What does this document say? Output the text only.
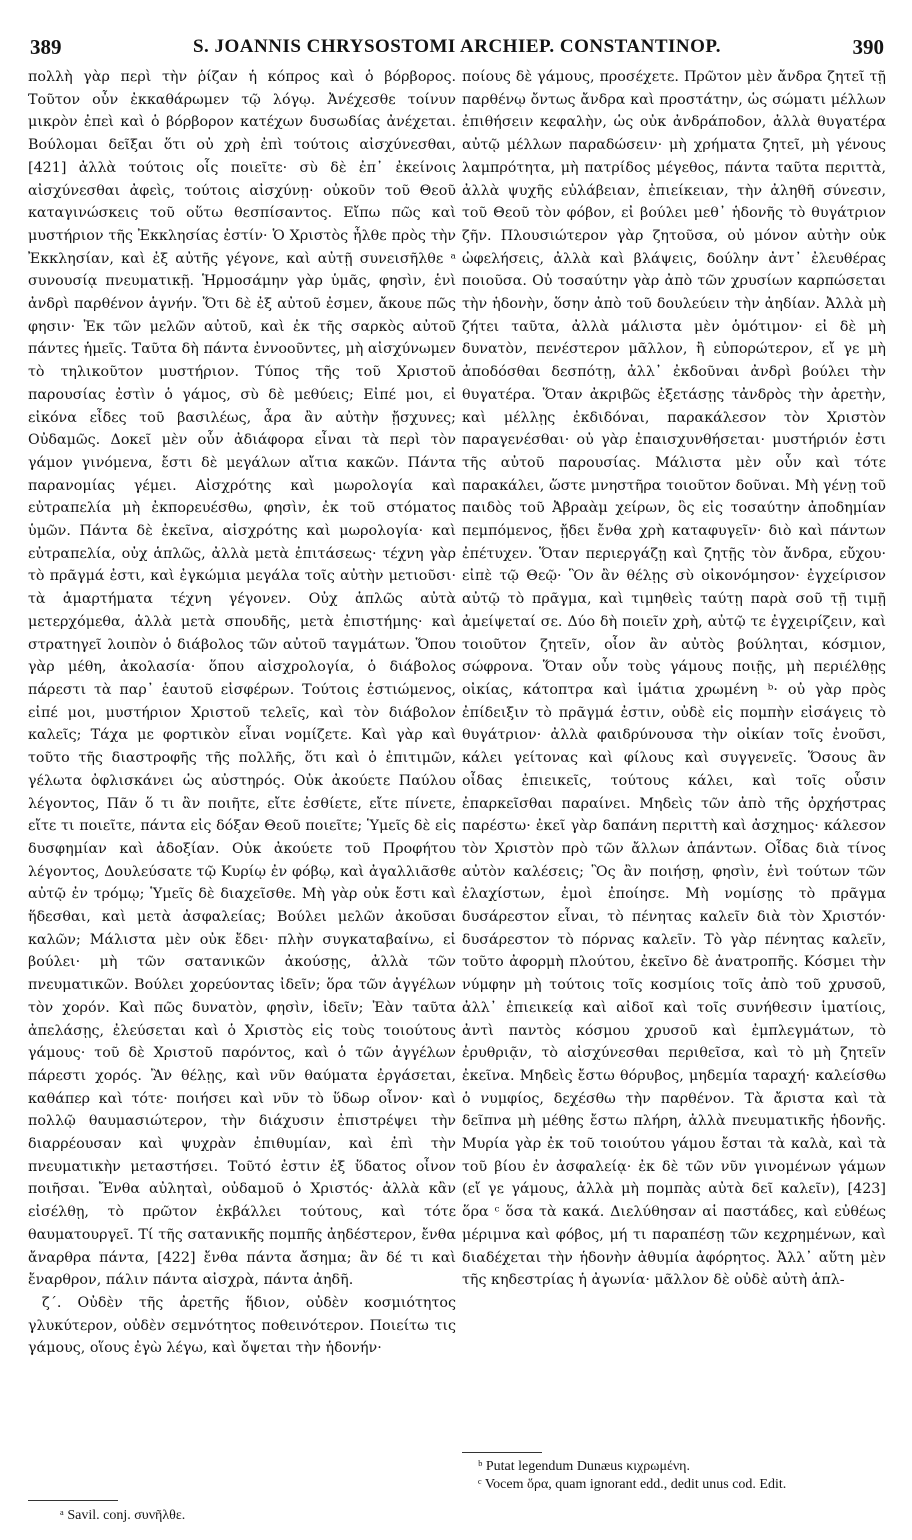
389	S. JOANNIS CHRYSOSTOMI ARCHIEP. CONSTANTINOP.	390

πολλὴ γὰρ περὶ τὴν ῥίζαν ἡ κόπρος καὶ ὁ βόρβορος. Τοῦτον οὖν ἐκκαθάρωμεν τῷ λόγῳ. Ἀνέχεσθε τοίνυν μικρὸν ἐπεὶ καὶ ὁ βόρβορον κατέχων δυσωδίας ἀνέχεται. Βούλομαι δεῖξαι ὅτι οὐ χρὴ ἐπὶ τούτοις αἰσχύνεσθαι, [421] ἀλλὰ τούτοις οἷς ποιεῖτε· σὺ δὲ ἐπ᾽ ἐκείνοις αἰσχύνεσθαι ἀφεὶς, τούτοις αἰσχύνῃ· οὐκοῦν τοῦ Θεοῦ καταγινώσκεις τοῦ οὕτω θεσπίσαντος. Εἴπω πῶς καὶ μυστήριον τῆς Ἐκκλησίας ἐστίν· Ὁ Χριστὸς ἦλθε πρὸς τὴν Ἐκκλησίαν, καὶ ἐξ αὐτῆς γέγονε, καὶ αὐτῇ συνεισῆλθε ᵃ συνουσίᾳ πνευματικῇ. Ἡρμοσάμην γὰρ ὑμᾶς, φησὶν, ἑνὶ ἀνδρὶ παρθένον ἁγνήν. Ὅτι δὲ ἐξ αὐτοῦ ἐσμεν, ἄκουε πῶς φησιν· Ἐκ τῶν μελῶν αὐτοῦ, καὶ ἐκ τῆς σαρκὸς αὐτοῦ πάντες ἡμεῖς. Ταῦτα δὴ πάντα ἐννοοῦντες, μὴ αἰσχύνωμεν τὸ τηλικοῦτον μυστήριον. Τύπος τῆς τοῦ Χριστοῦ παρουσίας ἐστὶν ὁ γάμος, σὺ δὲ μεθύεις; Εἰπέ μοι, εἰ εἰκόνα εἶδες τοῦ βασιλέως, ἆρα ἂν αὐτὴν ᾔσχυνες; Οὐδαμῶς. Δοκεῖ μὲν οὖν ἀδιάφορα εἶναι τὰ περὶ τὸν γάμον γινόμενα, ἔστι δὲ μεγάλων αἴτια κακῶν. Πάντα παρανομίας γέμει. Αἰσχρότης καὶ μωρολογία καὶ εὐτραπελία μὴ ἐκπορευέσθω, φησὶν, ἐκ τοῦ στόματος ὑμῶν. Πάντα δὲ ἐκεῖνα, αἰσχρότης καὶ μωρολογία· καὶ εὐτραπελία, οὐχ ἁπλῶς, ἀλλὰ μετὰ ἐπιτάσεως· τέχνη γὰρ τὸ πρᾶγμά ἐστι, καὶ ἐγκώμια μεγάλα τοῖς αὐτὴν μετιοῦσι· τὰ ἁμαρτήματα τέχνη γέγονεν. Οὐχ ἁπλῶς αὐτὰ μετερχόμεθα, ἀλλὰ μετὰ σπουδῆς, μετὰ ἐπιστήμης· καὶ στρατηγεῖ λοιπὸν ὁ διάβολος τῶν αὐτοῦ ταγμάτων. Ὅπου γὰρ μέθη, ἀκολασία· ὅπου αἰσχρολογία, ὁ διάβολος πάρεστι τὰ παρ᾽ ἑαυτοῦ εἰσφέρων. Τούτοις ἑστιώμενος, εἰπέ μοι, μυστήριον Χριστοῦ τελεῖς, καὶ τὸν διάβολον καλεῖς; Τάχα με φορτικὸν εἶναι νομίζετε. Καὶ γὰρ καὶ τοῦτο τῆς διαστροφῆς τῆς πολλῆς, ὅτι καὶ ὁ ἐπιτιμῶν, γέλωτα ὀφλισκάνει ὡς αὐστηρός. Οὐκ ἀκούετε Παύλου λέγοντος, Πᾶν ὅ τι ἂν ποιῆτε, εἴτε ἐσθίετε, εἴτε πίνετε, εἴτε τι ποιεῖτε, πάντα εἰς δόξαν Θεοῦ ποιεῖτε; Ὑμεῖς δὲ εἰς δυσφημίαν καὶ ἀδοξίαν. Οὐκ ἀκούετε τοῦ Προφήτου λέγοντος, Δουλεύσατε τῷ Κυρίῳ ἐν φόβῳ, καὶ ἀγαλλιᾶσθε αὐτῷ ἐν τρόμῳ; Ὑμεῖς δὲ διαχεῖσθε. Μὴ γὰρ οὐκ ἔστι καὶ ἥδεσθαι, καὶ μετὰ ἀσφαλείας; Βούλει μελῶν ἀκοῦσαι καλῶν; Μάλιστα μὲν οὐκ ἔδει· πλὴν συγκαταβαίνω, εἰ βούλει· μὴ τῶν σατανικῶν ἀκούσῃς, ἀλλὰ τῶν πνευματικῶν. Βούλει χορεύοντας ἰδεῖν; ὅρα τῶν ἀγγέλων τὸν χορόν. Καὶ πῶς δυνατὸν, φησὶν, ἰδεῖν; Ἐὰν ταῦτα ἀπελάσῃς, ἐλεύσεται καὶ ὁ Χριστὸς εἰς τοὺς τοιούτους γάμους· τοῦ δὲ Χριστοῦ παρόντος, καὶ ὁ τῶν ἀγγέλων πάρεστι χορός. Ἂν θέλῃς, καὶ νῦν θαύματα ἐργάσεται, καθάπερ καὶ τότε· ποιήσει καὶ νῦν τὸ ὕδωρ οἶνον· καὶ πολλῷ θαυμασιώτερον, τὴν διάχυσιν ἐπιστρέψει τὴν διαρρέουσαν καὶ ψυχρὰν ἐπιθυμίαν, καὶ ἐπὶ τὴν πνευματικὴν μεταστήσει. Τοῦτό ἐστιν ἐξ ὕδατος οἶνον ποιῆσαι. Ἔνθα αὐληταὶ, οὐδαμοῦ ὁ Χριστός· ἀλλὰ κἂν εἰσέλθῃ, τὸ πρῶτον ἐκβάλλει τούτους, καὶ τότε θαυματουργεῖ. Τί τῆς σατανικῆς πομπῆς ἀηδέστερον, ἔνθα ἄναρθρα πάντα, [422] ἔνθα πάντα ἄσημα; ἂν δέ τι καὶ ἔναρθρον, πάλιν πάντα αἰσχρὰ, πάντα ἀηδῆ.

ζ΄. Οὐδὲν τῆς ἀρετῆς ἥδιον, οὐδὲν κοσμιότητος γλυκύτερον, οὐδὲν σεμνότητος ποθεινότερον. Ποιείτω τις γάμους, οἵους ἐγὼ λέγω, καὶ ὄψεται τὴν ἡδονήν·

ποίους δὲ γάμους, προσέχετε. Πρῶτον μὲν ἄνδρα ζητεῖ τῇ παρθένῳ ὄντως ἄνδρα καὶ προστάτην, ὡς σώματι μέλλων ἐπιθήσειν κεφαλὴν, ὡς οὐκ ἀνδράποδον, ἀλλὰ θυγατέρα αὐτῷ μέλλων παραδώσειν· μὴ χρήματα ζητεῖ, μὴ γένους λαμπρότητα, μὴ πατρίδος μέγεθος, πάντα ταῦτα περιττὰ, ἀλλὰ ψυχῆς εὐλάβειαν, ἐπιείκειαν, τὴν ἀληθῆ σύνεσιν, τοῦ Θεοῦ τὸν φόβον, εἰ βούλει μεθ᾽ ἡδονῆς τὸ θυγάτριον ζῆν. Πλουσιώτερον γὰρ ζητοῦσα, οὐ μόνον αὐτὴν οὐκ ὠφελήσεις, ἀλλὰ καὶ βλάψεις, δούλην ἀντ᾽ ἐλευθέρας ποιοῦσα. Οὐ τοσαύτην γὰρ ἀπὸ τῶν χρυσίων καρπώσεται τὴν ἡδονὴν, ὅσην ἀπὸ τοῦ δουλεύειν τὴν ἀηδίαν. Ἀλλὰ μὴ ζήτει ταῦτα, ἀλλὰ μάλιστα μὲν ὁμότιμον· εἰ δὲ μὴ δυνατὸν, πενέστερον μᾶλλον, ἢ εὐπορώτερον, εἴ γε μὴ ἀποδόσθαι δεσπότῃ, ἀλλ᾽ ἐκδοῦναι ἀνδρὶ βούλει τὴν θυγατέρα. Ὅταν ἀκριβῶς ἐξετάσῃς τἀνδρὸς τὴν ἀρετὴν, καὶ μέλλῃς ἐκδιδόναι, παρακάλεσον τὸν Χριστὸν παραγενέσθαι· οὐ γὰρ ἐπαισχυνθήσεται· μυστήριόν ἐστι τῆς αὐτοῦ παρουσίας. Μάλιστα μὲν οὖν καὶ τότε παρακάλει, ὥστε μνηστῆρα τοιοῦτον δοῦναι. Μὴ γένῃ τοῦ παιδὸς τοῦ Ἀβραὰμ χείρων, ὃς εἰς τοσαύτην ἀποδημίαν πεμπόμενος, ᾔδει ἔνθα χρὴ καταφυγεῖν· διὸ καὶ πάντων ἐπέτυχεν. Ὅταν περιεργάζῃ καὶ ζητῇς τὸν ἄνδρα, εὔχου· εἰπὲ τῷ Θεῷ· Ὃν ἂν θέλῃς σὺ οἰκονόμησον· ἐγχείρισον αὐτῷ τὸ πρᾶγμα, καὶ τιμηθεὶς ταύτῃ παρὰ σοῦ τῇ τιμῇ ἀμείψεταί σε. Δύο δὴ ποιεῖν χρὴ, αὐτῷ τε ἐγχειρίζειν, καὶ τοιοῦτον ζητεῖν, οἷον ἂν αὐτὸς βούληται, κόσμιον, σώφρονα. Ὅταν οὖν τοὺς γάμους ποιῇς, μὴ περιέλθῃς οἰκίας, κάτοπτρα καὶ ἱμάτια χρωμένη ᵇ· οὐ γὰρ πρὸς ἐπίδειξιν τὸ πρᾶγμά ἐστιν, οὐδὲ εἰς πομπὴν εἰσάγεις τὸ θυγάτριον· ἀλλὰ φαιδρύνουσα τὴν οἰκίαν τοῖς ἐνοῦσι, κάλει γείτονας καὶ φίλους καὶ συγγενεῖς. Ὅσους ἂν οἶδας ἐπιεικεῖς, τούτους κάλει, καὶ τοῖς οὖσιν ἐπαρκεῖσθαι παραίνει. Μηδεὶς τῶν ἀπὸ τῆς ὀρχήστρας παρέστω· ἐκεῖ γὰρ δαπάνη περιττὴ καὶ ἀσχημος· κάλεσον τὸν Χριστὸν πρὸ τῶν ἄλλων ἁπάντων. Οἶδας διὰ τίνος αὐτὸν καλέσεις; Ὃς ἂν ποιήσῃ, φησὶν, ἑνὶ τούτων τῶν ἐλαχίστων, ἐμοὶ ἐποίησε. Μὴ νομίσῃς τὸ πρᾶγμα δυσάρεστον εἶναι, τὸ πένητας καλεῖν διὰ τὸν Χριστόν· δυσάρεστον τὸ πόρνας καλεῖν. Τὸ γὰρ πένητας καλεῖν, τοῦτο ἀφορμὴ πλούτου, ἐκεῖνο δὲ ἀνατροπῆς. Κόσμει τὴν νύμφην μὴ τούτοις τοῖς κοσμίοις τοῖς ἀπὸ τοῦ χρυσοῦ, ἀλλ᾽ ἐπιεικείᾳ καὶ αἰδοῖ καὶ τοῖς συνήθεσιν ἱματίοις, ἀντὶ παντὸς κόσμου χρυσοῦ καὶ ἐμπλεγμάτων, τὸ ἐρυθριᾷν, τὸ αἰσχύνεσθαι περιθεῖσα, καὶ τὸ μὴ ζητεῖν ἐκεῖνα. Μηδεὶς ἔστω θόρυβος, μηδεμία ταραχή· καλείσθω ὁ νυμφίος, δεχέσθω τὴν παρθένον. Τὰ ἄριστα καὶ τὰ δεῖπνα μὴ μέθης ἔστω πλήρη, ἀλλὰ πνευματικῆς ἡδονῆς. Μυρία γὰρ ἐκ τοῦ τοιούτου γάμου ἔσται τὰ καλὰ, καὶ τὰ τοῦ βίου ἐν ἀσφαλείᾳ· ἐκ δὲ τῶν νῦν γινομένων γάμων (εἴ γε γάμους, ἀλλὰ μὴ πομπὰς αὐτὰ δεῖ καλεῖν), [423] ὅρα ᶜ ὅσα τὰ κακά. Διελύθησαν αἱ παστάδες, καὶ εὐθέως μέριμνα καὶ φόβος, μή τι παραπέσῃ τῶν κεχρημένων, καὶ διαδέχεται τὴν ἡδονὴν ἀθυμία ἀφόρητος. Ἀλλ᾽ αὕτη μὲν τῆς κηδεστρίας ἡ ἀγωνία· μᾶλλον δὲ οὐδὲ αὐτὴ ἁπλ-

ᵃ Savil. conj. συνῆλθε.
ᵇ Putat legendum Dunæus κιχρωμένη.
ᶜ Vocem ὅρα, quam ignorant edd., dedit unus cod. Edit.
